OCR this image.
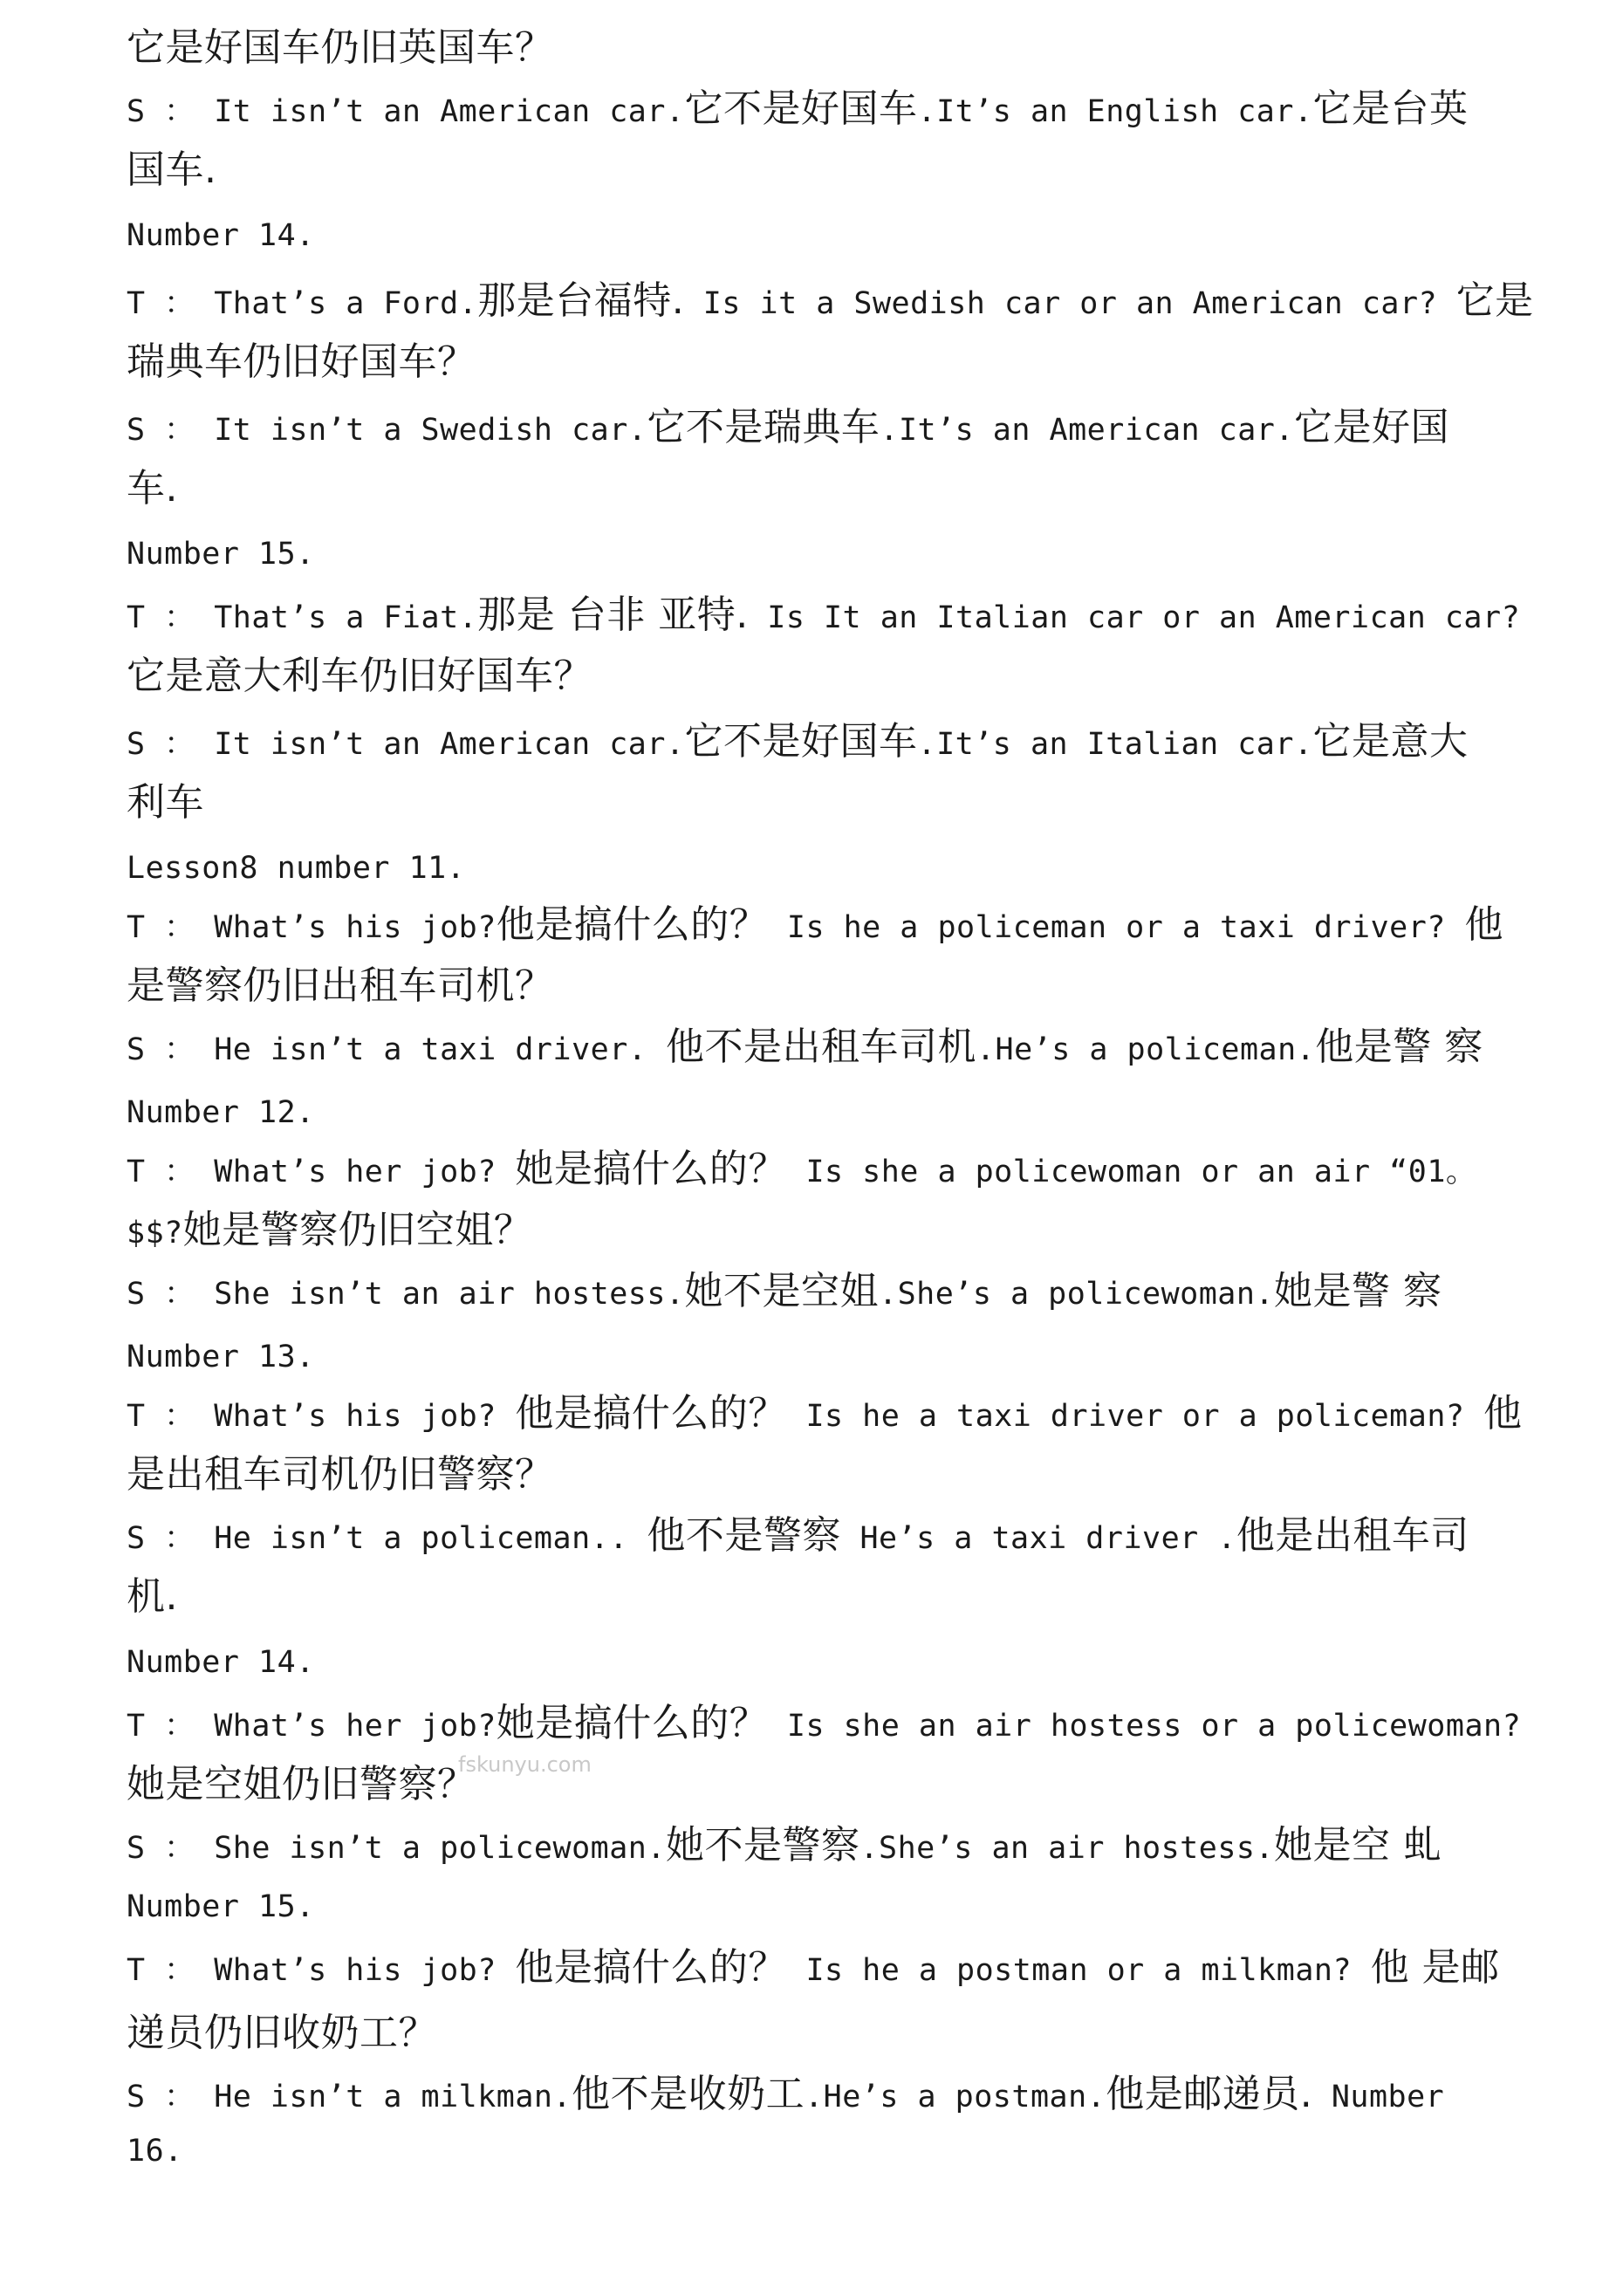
它是好国车仍旧英国车？
S ： It isn’t an American car.它不是好国车.It’s an English car.它是台英
国车.
Number 14.
T ： That’s a Ford.那是台福特. Is it a Swedish car or an American car? 它是
瑞典车仍旧好国车？
S ： It isn’t a Swedish car.它不是瑞典车.It’s an American car.它是好国
车.
Number 15.
T ： That’s a Fiat.那是 台非 亚特. Is It an Italian car or an American car?
它是意大利车仍旧好国车？
S ： It isn’t an American car.它不是好国车.It’s an Italian car.它是意大
利车
Lesson8 number 11.
T ： What’s his job?他是搞什么的？ Is he a policeman or a taxi driver? 他
是警察仍旧出租车司机？
S ： He isn’t a taxi driver. 他不是出租车司机.He’s a policeman.他是警 察
Number 12.
T ： What’s her job? 她是搞什么的？ Is she a policewoman or an air “01。
$$?她是警察仍旧空姐？
S ： She isn’t an air hostess.她不是空姐.She’s a policewoman.她是警 察
Number 13.
T ： What’s his job? 他是搞什么的？ Is he a taxi driver or a policeman? 他
是出租车司机仍旧警察？
S ： He isn’t a policeman.. 他不是警察 He’s a taxi driver .他是出租车司
机.
Number 14.
T ： What’s her job?她是搞什么的？ Is she an air hostess or a policewoman?
她是空姐仍旧警察？
S ： She isn’t a policewoman.她不是警察.She’s an air hostess.她是空 虬
Number 15.
T ： What’s his job? 他是搞什么的？ Is he a postman or a milkman? 他 是邮
递员仍旧收奶工？
S ： He isn’t a milkman.他不是收奶工.He’s a postman.他是邮递员. Number
16.
fskunyu.com
